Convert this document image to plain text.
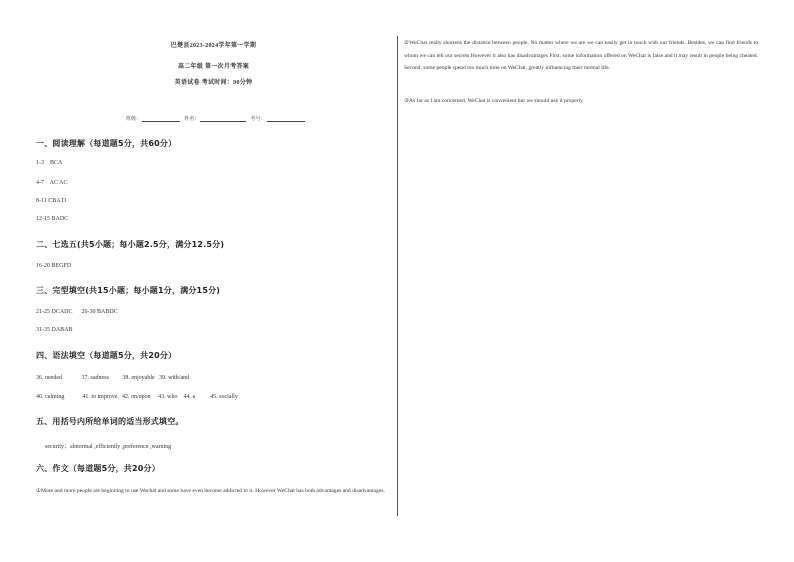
巴楚县2023-2024学年第一学期
高二年级 第一次月考答案
英语试卷 考试时间：90分钟
班级：	姓名：	考号：
一、阅读理解（每道题5分，共60分）
1-3    BCA
4-7    AC AC
8-11 CBA D
12-15 BADC
二、七选五(共5小题；每小题2.5分，满分12.5分)
16-20 BEGFD
三、完型填空(共15小题；每小题1分，满分15分)
21-25 DCADC      26-30 BABDC
31-35 DABAB
四、语法填空（每道题5分，共20分）
36. needed             37. sadness         38. enjoyable   39. with/and
40. calming            41. to improve   42. on/upon     43. who    44. a          45. socially
五、用括号内所给单词的适当形式填空。
security；abnormal ,efficiently ,preference ,warning
六、作文（每道题5分，共20分）
①More and more people are beginning to use Wechat and some have even become addicted to it. However WeChat has both advantages and disadvantages.
②WeChat really shortens the distance between people. No matter where we are we can easily get in touch with our friends. Besides, we can find friends to whom we can tell our secrets However it also has disadvantages First, some information offered on WeChat is false and it may result in people being cheated. Second, some people spend too much time on WeChat, greatly influencing their normal life.
③As far as I am concerned, WeChat is convenient but we should use it properly
